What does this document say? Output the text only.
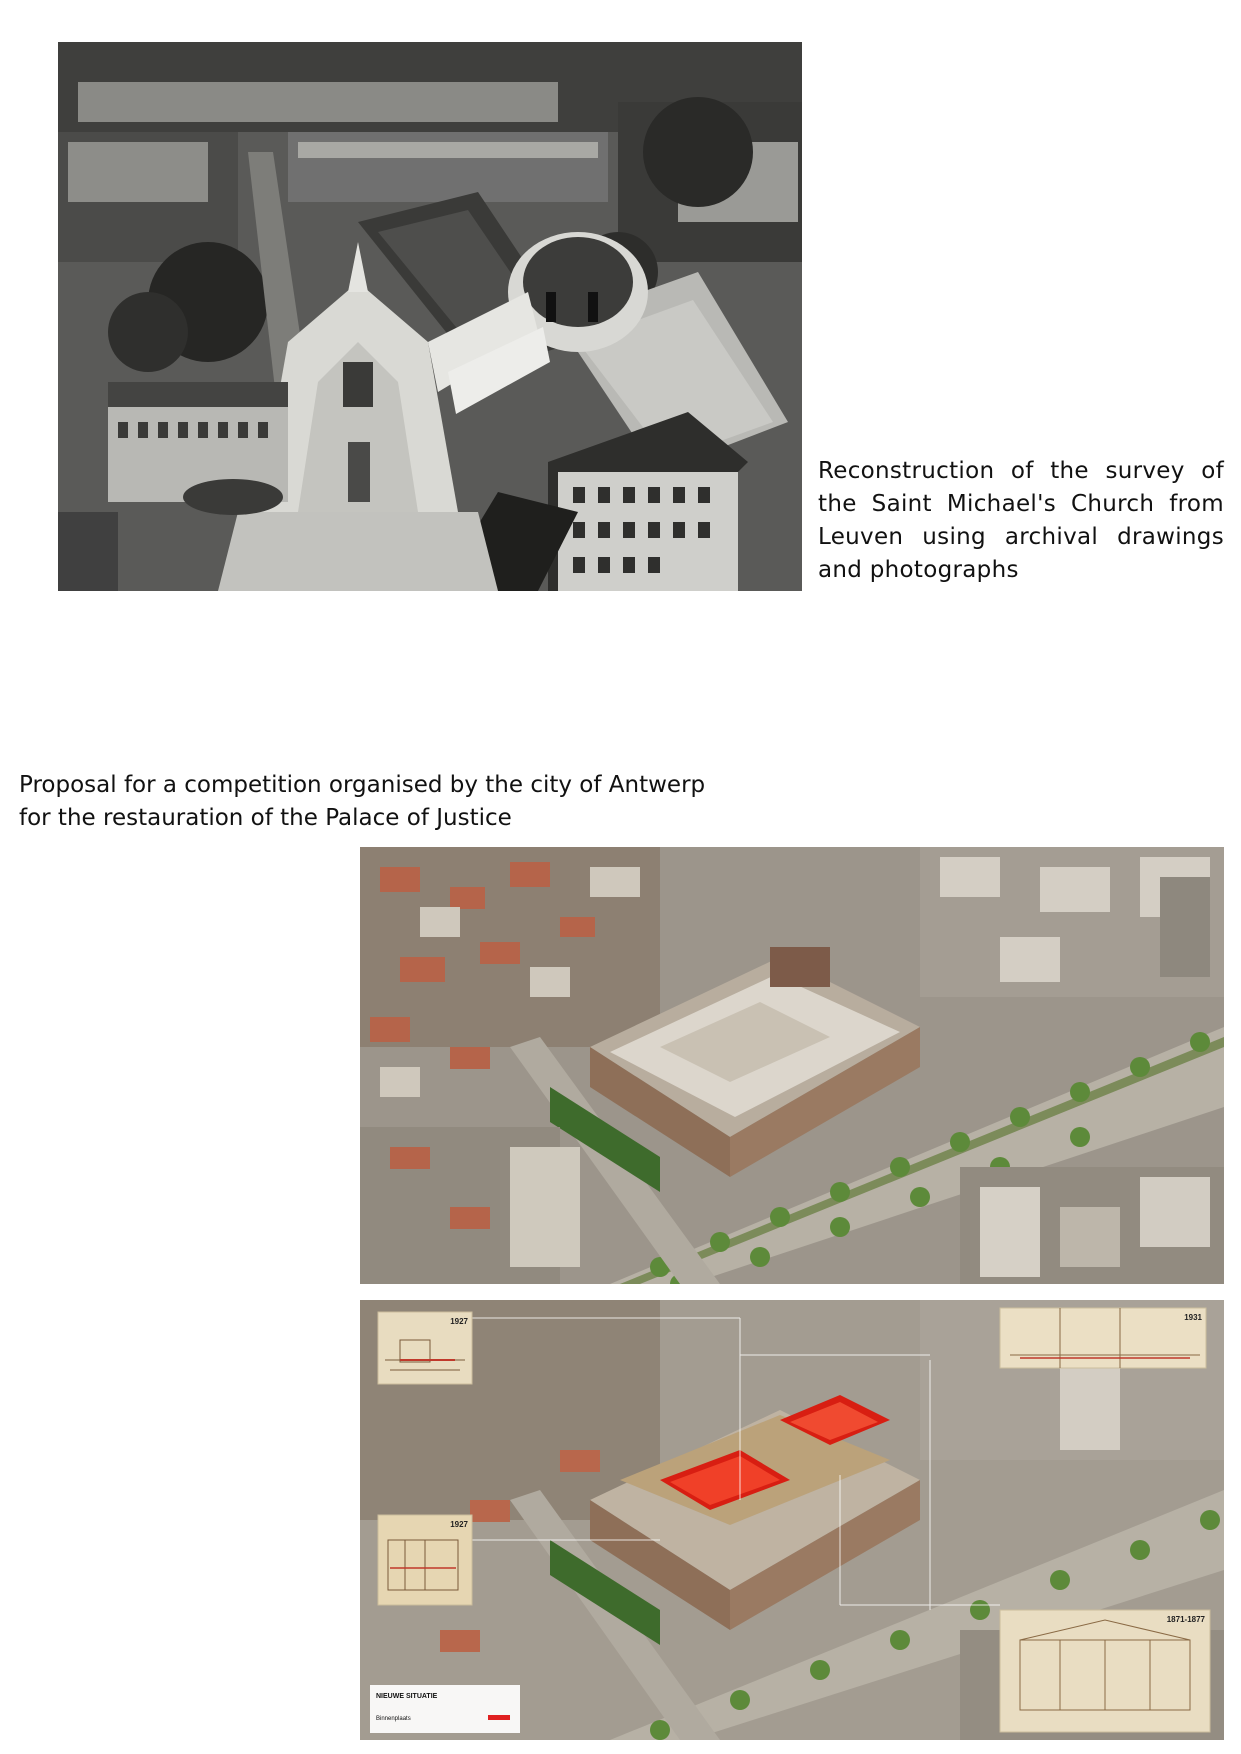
Reconstruction of the survey of
the Saint Michael's Church from
Leuven using archival drawings
and photographs
Proposal for a competition organised by the city of Antwerp
for the restauration of the Palace of Justice
1927	1931
1927
1871-1877
NIEUWE SITUATIE
Binnenplaats
